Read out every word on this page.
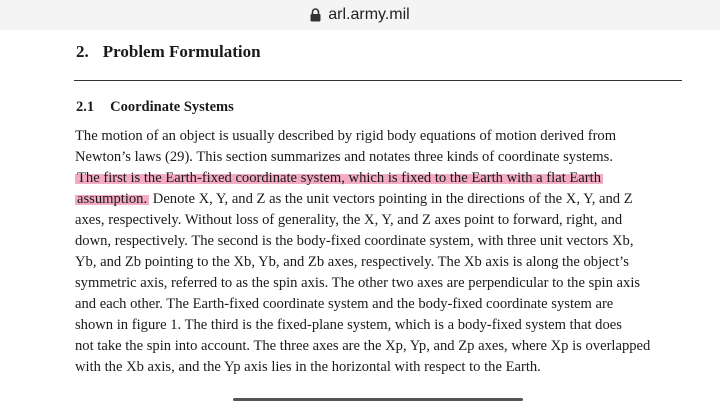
arl.army.mil
2. Problem Formulation
2.1 Coordinate Systems
The motion of an object is usually described by rigid body equations of motion derived from
Newton’s laws (29). This section summarizes and notates three kinds of coordinate systems.
The first is the Earth-fixed coordinate system, which is fixed to the Earth with a flat Earth
assumption. Denote X, Y, and Z as the unit vectors pointing in the directions of the X, Y, and Z
axes, respectively. Without loss of generality, the X, Y, and Z axes point to forward, right, and
down, respectively. The second is the body-fixed coordinate system, with three unit vectors Xb,
Yb, and Zb pointing to the Xb, Yb, and Zb axes, respectively. The Xb axis is along the object’s
symmetric axis, referred to as the spin axis. The other two axes are perpendicular to the spin axis
and each other. The Earth-fixed coordinate system and the body-fixed coordinate system are
shown in figure 1. The third is the fixed-plane system, which is a body-fixed system that does
not take the spin into account. The three axes are the Xp, Yp, and Zp axes, where Xp is overlapped
with the Xb axis, and the Yp axis lies in the horizontal with respect to the Earth.
